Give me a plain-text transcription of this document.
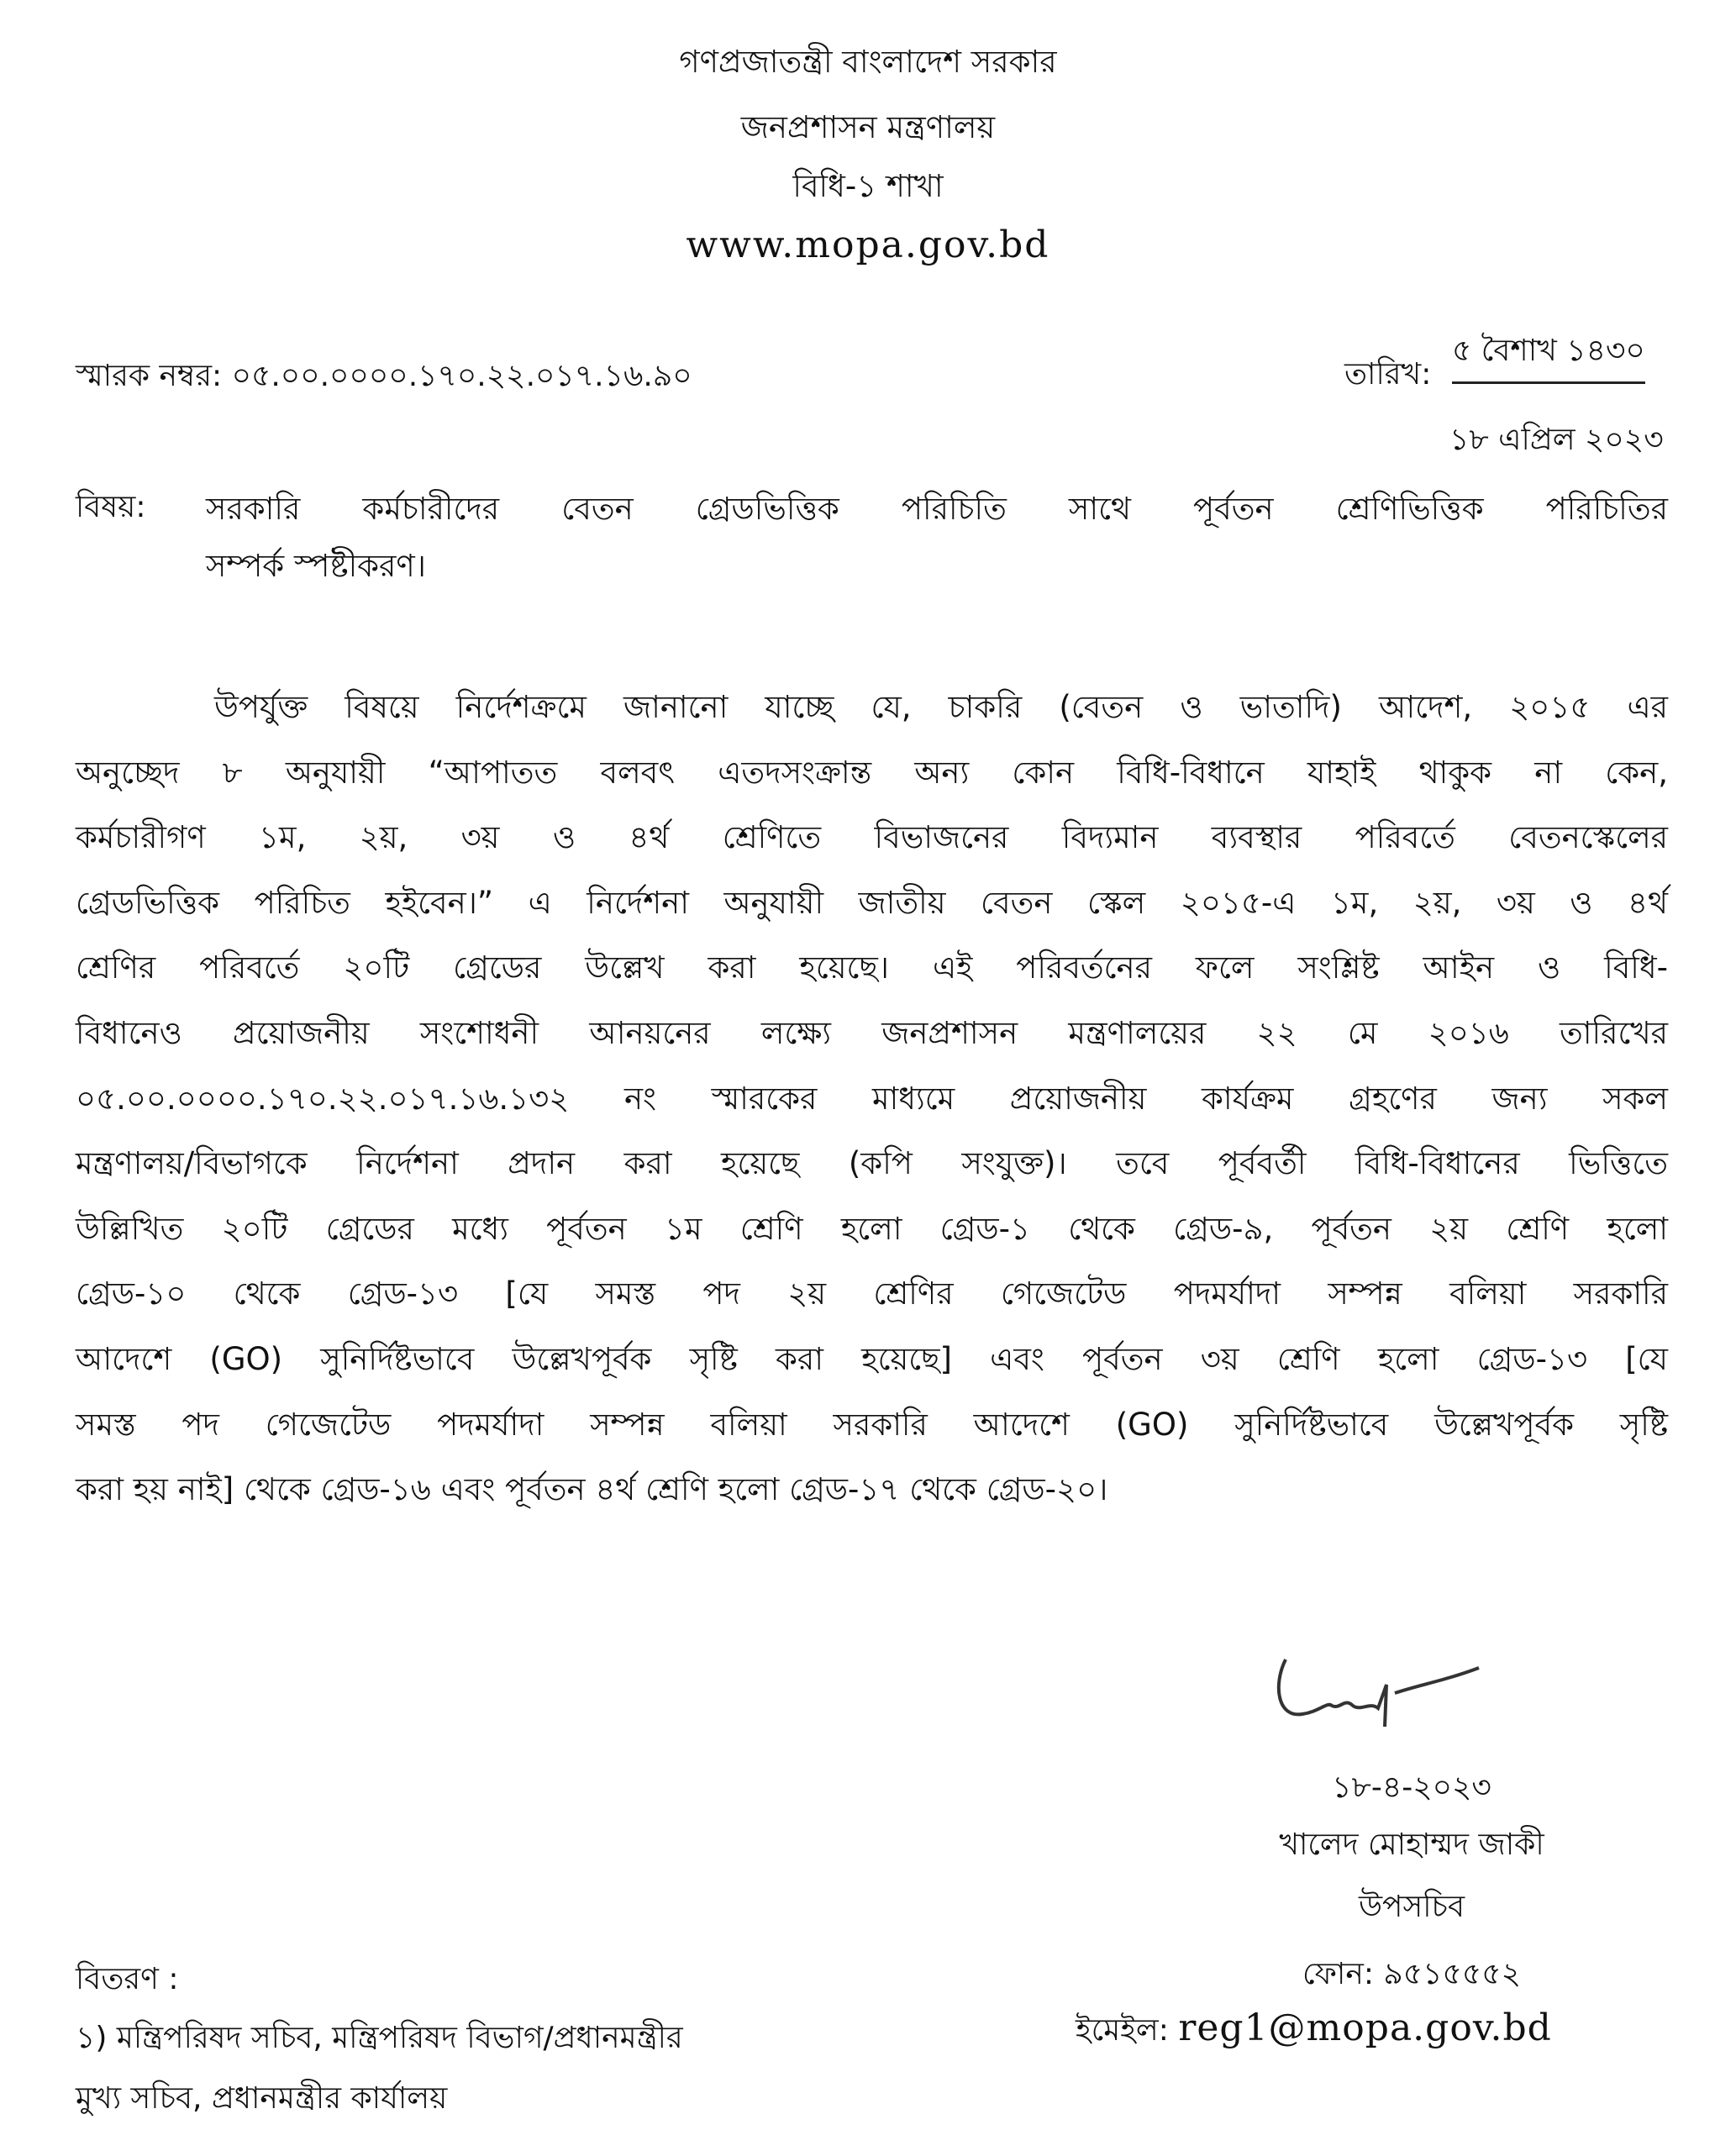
গণপ্রজাতন্ত্রী বাংলাদেশ সরকার
জনপ্রশাসন মন্ত্রণালয়
বিধি-১ শাখা
www.mopa.gov.bd
স্মারক নম্বর: ০৫.০০.০০০০.১৭০.২২.০১৭.১৬.৯০	তারিখ:
৫ বৈশাখ ১৪৩০
১৮ এপ্রিল ২০২৩
বিষয়: সরকারি কর্মচারীদের বেতন গ্রেডভিত্তিক পরিচিতি সাথে পূর্বতন শ্রেণিভিত্তিক পরিচিতির
সম্পর্ক স্পষ্টীকরণ।
উপর্যুক্ত বিষয়ে নির্দেশক্রমে জানানো যাচ্ছে যে, চাকরি (বেতন ও ভাতাদি) আদেশ, ২০১৫ এর
অনুচ্ছেদ ৮ অনুযায়ী “আপাতত বলবৎ এতদসংক্রান্ত অন্য কোন বিধি-বিধানে যাহাই থাকুক না কেন,
কর্মচারীগণ ১ম, ২য়, ৩য় ও ৪র্থ শ্রেণিতে বিভাজনের বিদ্যমান ব্যবস্থার পরিবর্তে বেতনস্কেলের
গ্রেডভিত্তিক পরিচিত হইবেন।” এ নির্দেশনা অনুযায়ী জাতীয় বেতন স্কেল ২০১৫-এ ১ম, ২য়, ৩য় ও ৪র্থ
শ্রেণির পরিবর্তে ২০টি গ্রেডের উল্লেখ করা হয়েছে। এই পরিবর্তনের ফলে সংশ্লিষ্ট আইন ও বিধি-
বিধানেও প্রয়োজনীয় সংশোধনী আনয়নের লক্ষ্যে জনপ্রশাসন মন্ত্রণালয়ের ২২ মে ২০১৬ তারিখের
০৫.০০.০০০০.১৭০.২২.০১৭.১৬.১৩২ নং স্মারকের মাধ্যমে প্রয়োজনীয় কার্যক্রম গ্রহণের জন্য সকল
মন্ত্রণালয়/বিভাগকে নির্দেশনা প্রদান করা হয়েছে (কপি সংযুক্ত)। তবে পূর্ববর্তী বিধি-বিধানের ভিত্তিতে
উল্লিখিত ২০টি গ্রেডের মধ্যে পূর্বতন ১ম শ্রেণি হলো গ্রেড-১ থেকে গ্রেড-৯, পূর্বতন ২য় শ্রেণি হলো
গ্রেড-১০ থেকে গ্রেড-১৩ [যে সমস্ত পদ ২য় শ্রেণির গেজেটেড পদমর্যাদা সম্পন্ন বলিয়া সরকারি
আদেশে (GO) সুনির্দিষ্টভাবে উল্লেখপূর্বক সৃষ্টি করা হয়েছে] এবং পূর্বতন ৩য় শ্রেণি হলো গ্রেড-১৩ [যে
সমস্ত পদ গেজেটেড পদমর্যাদা সম্পন্ন বলিয়া সরকারি আদেশে (GO) সুনির্দিষ্টভাবে উল্লেখপূর্বক সৃষ্টি
করা হয় নাই] থেকে গ্রেড-১৬ এবং পূর্বতন ৪র্থ শ্রেণি হলো গ্রেড-১৭ থেকে গ্রেড-২০।
১৮-৪-২০২৩
খালেদ মোহাম্মদ জাকী
উপসচিব
ফোন: ৯৫১৫৫৫২
ইমেইল: reg1@mopa.gov.bd
বিতরণ :
১) মন্ত্রিপরিষদ সচিব, মন্ত্রিপরিষদ বিভাগ/প্রধানমন্ত্রীর
মুখ্য সচিব, প্রধানমন্ত্রীর কার্যালয়
